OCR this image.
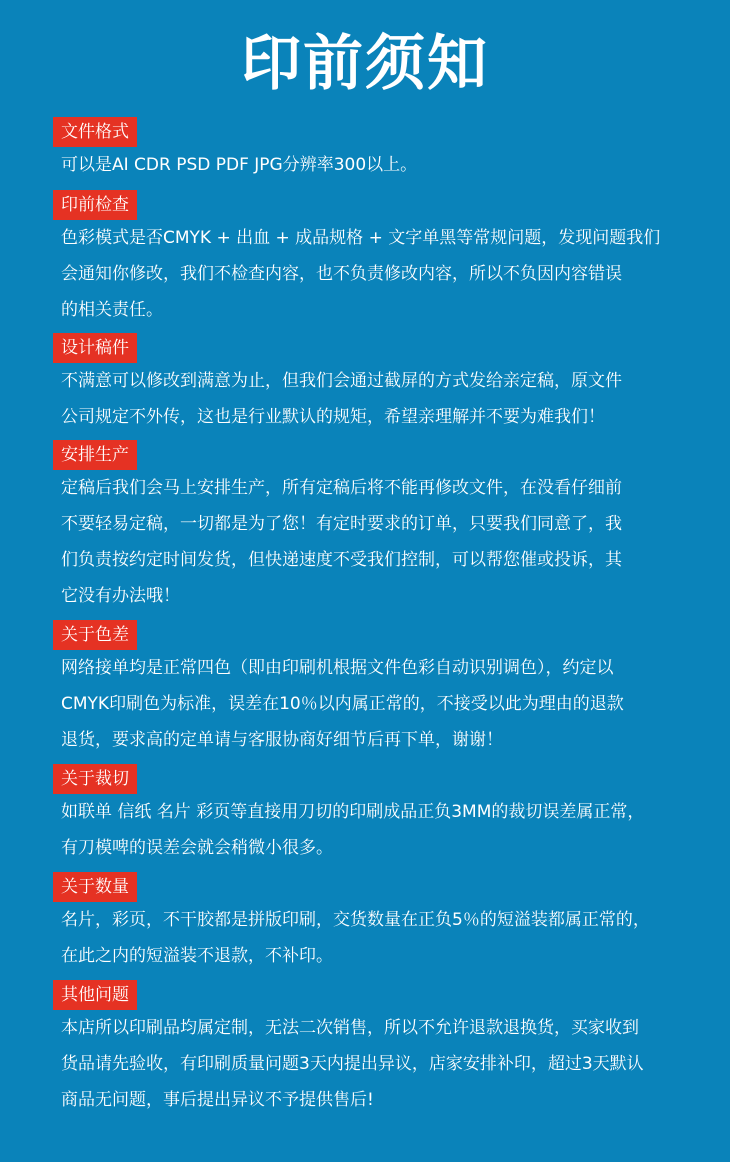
印前须知
文件格式
可以是AI CDR PSD PDF JPG分辨率300以上。
印前检查
色彩模式是否CMYK + 出血 + 成品规格 + 文字单黑等常规问题，发现问题我们
会通知你修改，我们不检查内容，也不负责修改内容，所以不负因内容错误
的相关责任。
设计稿件
不满意可以修改到满意为止，但我们会通过截屏的方式发给亲定稿，原文件
公司规定不外传，这也是行业默认的规矩，希望亲理解并不要为难我们！
安排生产
定稿后我们会马上安排生产，所有定稿后将不能再修改文件，在没看仔细前
不要轻易定稿，一切都是为了您！有定时要求的订单，只要我们同意了，我
们负责按约定时间发货，但快递速度不受我们控制，可以帮您催或投诉，其
它没有办法哦！
关于色差
网络接单均是正常四色（即由印刷机根据文件色彩自动识别调色），约定以
CMYK印刷色为标准，误差在10％以内属正常的，不接受以此为理由的退款
退货，要求高的定单请与客服协商好细节后再下单，谢谢！
关于裁切
如联单 信纸 名片 彩页等直接用刀切的印刷成品正负3MM的裁切误差属正常，
有刀模啤的误差会就会稍微小很多。
关于数量
名片，彩页，不干胶都是拼版印刷，交货数量在正负5％的短溢装都属正常的，
在此之内的短溢装不退款，不补印。
其他问题
本店所以印刷品均属定制，无法二次销售，所以不允许退款退换货，买家收到
货品请先验收，有印刷质量问题3天内提出异议，店家安排补印，超过3天默认
商品无问题，事后提出异议不予提供售后!
